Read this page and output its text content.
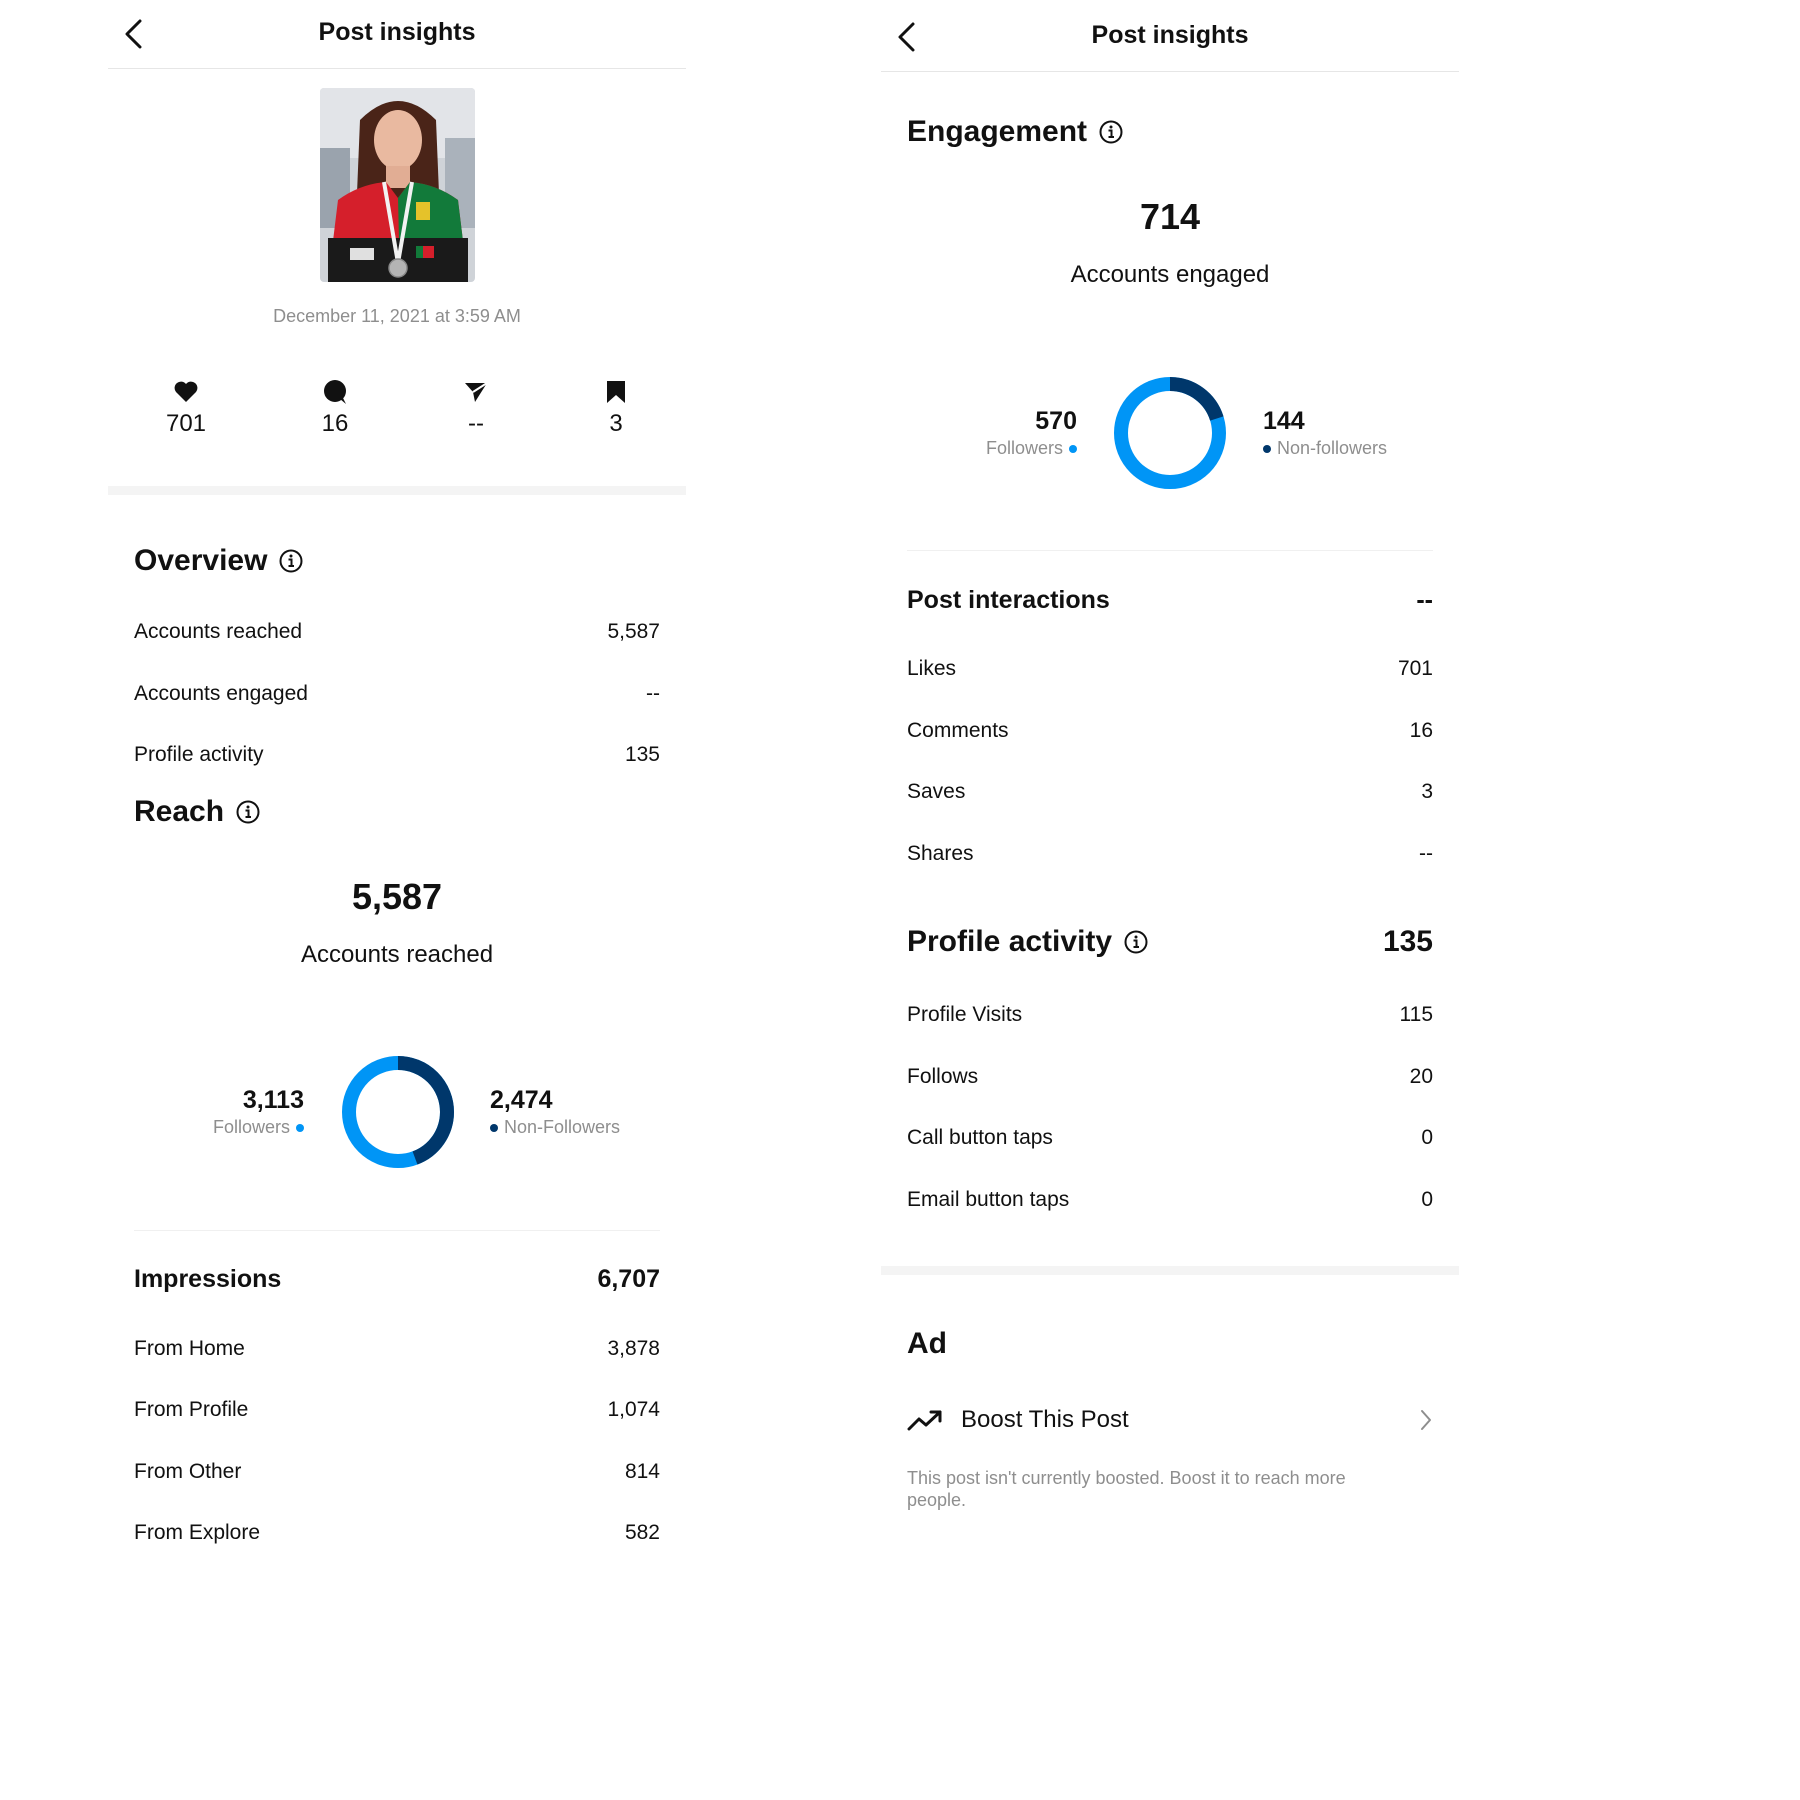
Post insights
December 11, 2021 at 3:59 AM
701	16	--	3
Overview
Accounts reached	5,587
Accounts engaged	--
Profile activity	135
Reach
5,587
Accounts reached
3,113
Followers
2,474
Non-Followers
Impressions	6,707
From Home	3,878
From Profile	1,074
From Other	814
From Explore	582
Post insights
Engagement
714
Accounts engaged
570
Followers
144
Non-followers
Post interactions	--
Likes	701
Comments	16
Saves	3
Shares	--
Profile activity	135
Profile Visits	115
Follows	20
Call button taps	0
Email button taps	0
Ad
Boost This Post
This post isn't currently boosted. Boost it to reach more people.
